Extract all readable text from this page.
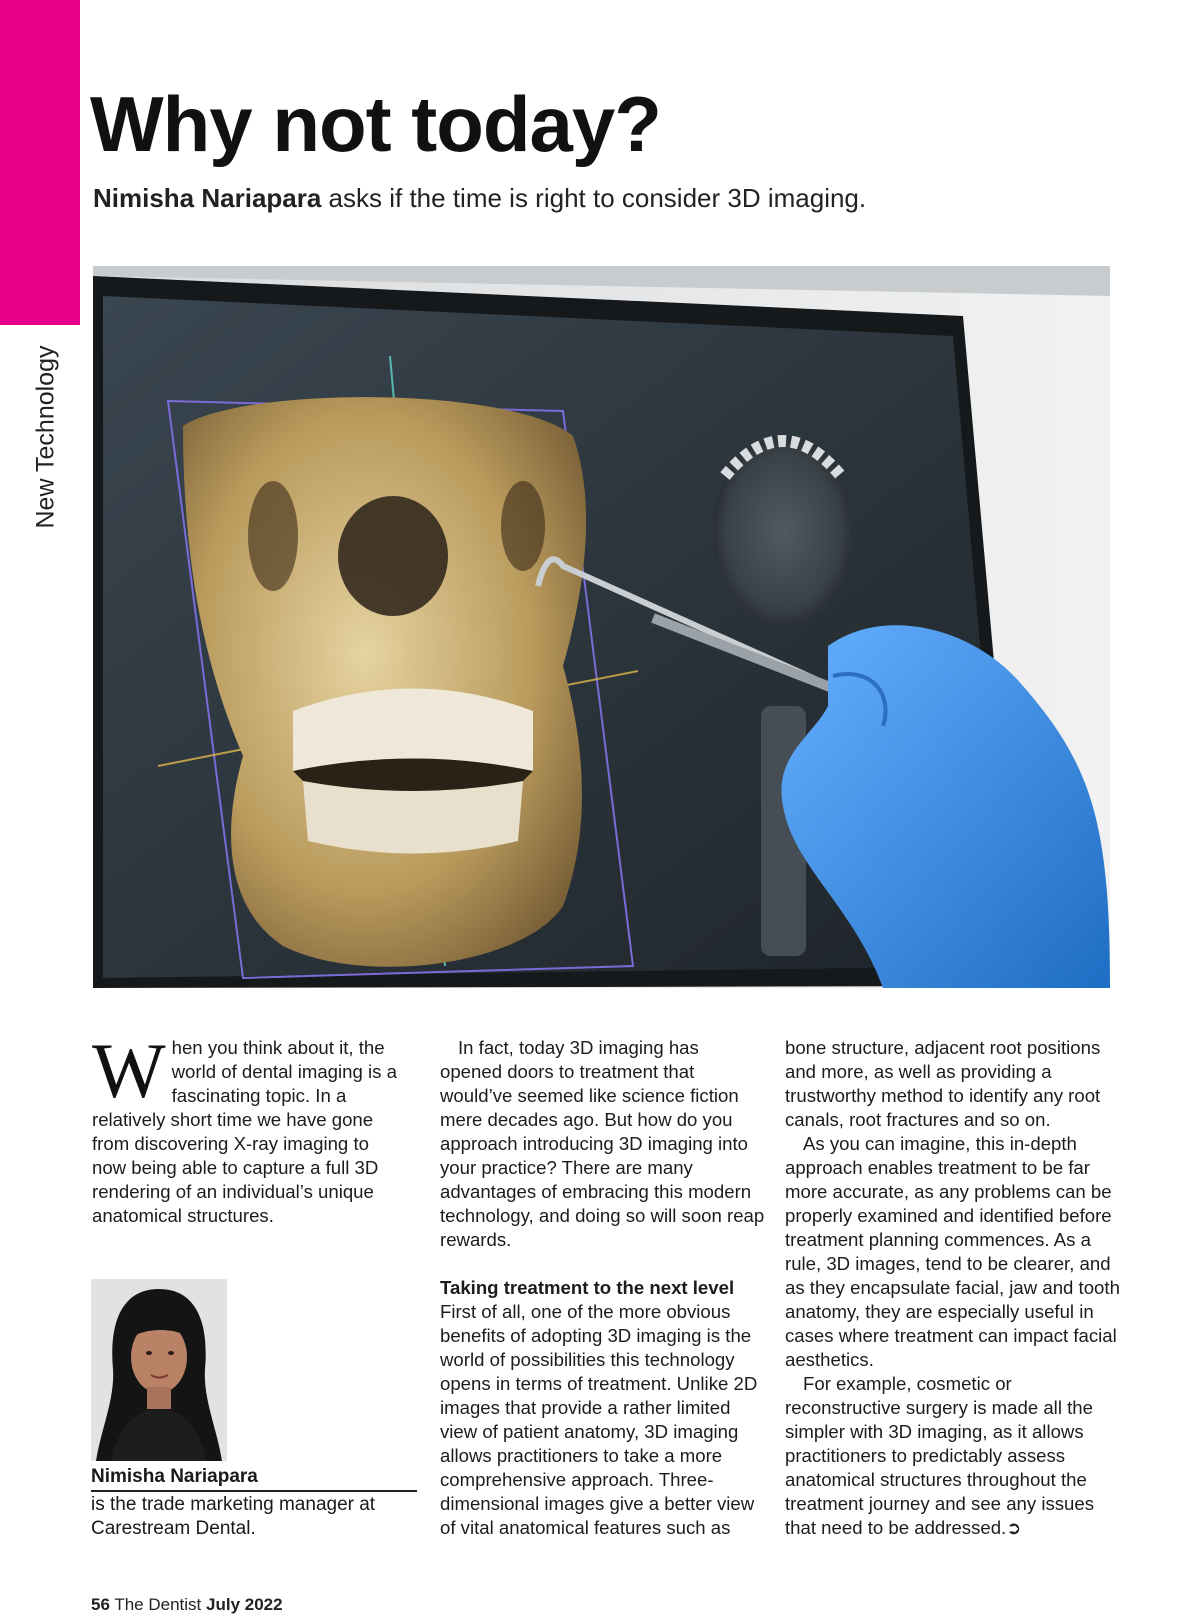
New Technology
Why not today?

Nimisha Nariapara asks if the time is right to consider 3D imaging.

When you think about it, the world of dental imaging is a fascinating topic. In a relatively short time we have gone from discovering X-ray imaging to now being able to capture a full 3D rendering of an individual’s unique anatomical structures.

Nimisha Nariapara
is the trade marketing manager at Carestream Dental.

In fact, today 3D imaging has opened doors to treatment that would’ve seemed like science fiction mere decades ago. But how do you approach introducing 3D imaging into your practice? There are many advantages of embracing this modern technology, and doing so will soon reap rewards.

Taking treatment to the next level

First of all, one of the more obvious benefits of adopting 3D imaging is the world of possibilities this technology opens in terms of treatment. Unlike 2D images that provide a rather limited view of patient anatomy, 3D imaging allows practitioners to take a more comprehensive approach. Three-dimensional images give a better view of vital anatomical features such as

bone structure, adjacent root positions and more, as well as providing a trustworthy method to identify any root canals, root fractures and so on.

As you can imagine, this in-depth approach enables treatment to be far more accurate, as any problems can be properly examined and identified before treatment planning commences. As a rule, 3D images, tend to be clearer, and as they encapsulate facial, jaw and tooth anatomy, they are especially useful in cases where treatment can impact facial aesthetics.

For example, cosmetic or reconstructive surgery is made all the simpler with 3D imaging, as it allows practitioners to predictably assess anatomical structures throughout the treatment journey and see any issues that need to be addressed.➲

56 The Dentist July 2022
